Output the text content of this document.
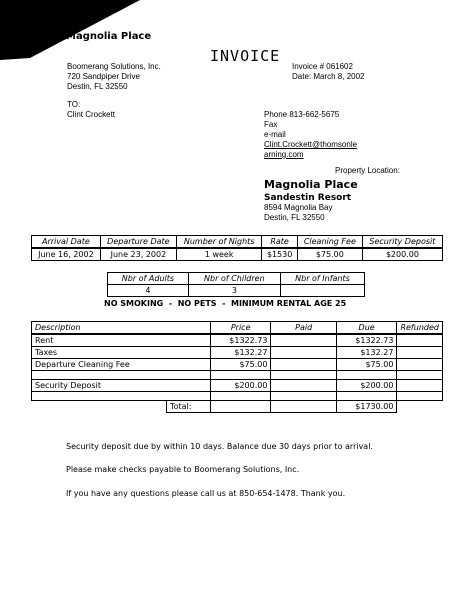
Magnolia Place
INVOICE
Boomerang Solutions, Inc.
720 Sandpiper Drive
Destin, FL 32550
Invoice # 061602
Date: March 8, 2002
TO:
Clint Crockett	Phone 813-662-5675
Fax
e-mail
Clint.Crockett@thomsonle
arning.com
Property Location:
Magnolia Place
Sandestin Resort
8594 Magnolia Bay
Destin, FL 32550
Arrival Date	Departure Date	Number of Nights	Rate	Cleaning Fee	Security Deposit
June 16, 2002	June 23, 2002	1 week	$1530	$75.00	$200.00
Nbr of Adults	Nbr of Children	Nbr of Infants
4	3	
NO SMOKING  -  NO PETS  -  MINIMUM RENTAL AGE 25
Description		Price	Paid	Due	Refunded
Rent		$1322.73		$1322.73	
Taxes		$132.27		$132.27	
Departure Cleaning Fee		$75.00		$75.00	

Security Deposit		$200.00		$200.00	

	Total:			$1730.00	
Security deposit due by within 10 days. Balance due 30 days prior to arrival.
Please make checks payable to Boomerang Solutions, Inc.
If you have any questions please call us at 850-654-1478. Thank you.
